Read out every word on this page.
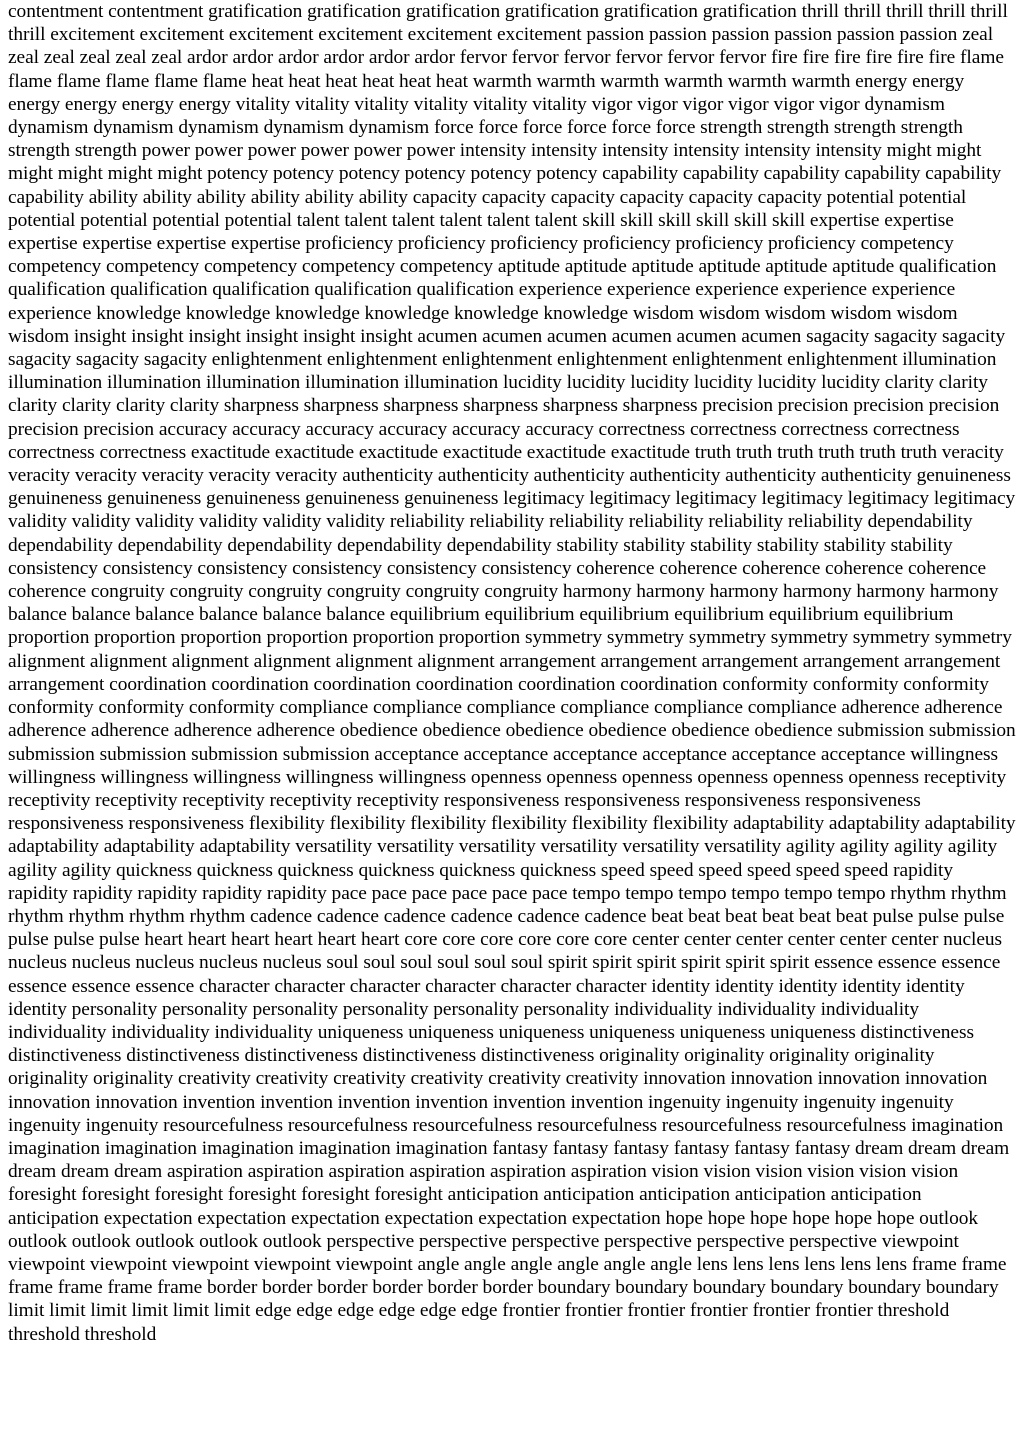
contentment contentment gratification gratification gratification gratification gratification gratification thrill thrill thrill thrill thrill thrill excitement excitement excitement excitement excitement excitement passion passion passion passion passion passion zeal zeal zeal zeal zeal zeal ardor ardor ardor ardor ardor ardor fervor fervor fervor fervor fervor fervor fire fire fire fire fire fire flame flame flame flame flame flame heat heat heat heat heat heat warmth warmth warmth warmth warmth warmth energy energy energy energy energy energy vitality vitality vitality vitality vitality vitality vigor vigor vigor vigor vigor vigor dynamism dynamism dynamism dynamism dynamism dynamism force force force force force force strength strength strength strength strength strength power power power power power power intensity intensity intensity intensity intensity intensity might might might might might might potency potency potency potency potency potency capability capability capability capability capability capability ability ability ability ability ability ability capacity capacity capacity capacity capacity capacity potential potential potential potential potential potential talent talent talent talent talent talent skill skill skill skill skill skill expertise expertise expertise expertise expertise expertise proficiency proficiency proficiency proficiency proficiency proficiency competency competency competency competency competency competency aptitude aptitude aptitude aptitude aptitude aptitude qualification qualification qualification qualification qualification qualification experience experience experience experience experience experience knowledge knowledge knowledge knowledge knowledge knowledge wisdom wisdom wisdom wisdom wisdom wisdom insight insight insight insight insight insight acumen acumen acumen acumen acumen acumen sagacity sagacity sagacity sagacity sagacity sagacity enlightenment enlightenment enlightenment enlightenment enlightenment enlightenment illumination illumination illumination illumination illumination illumination lucidity lucidity lucidity lucidity lucidity lucidity clarity clarity clarity clarity clarity clarity sharpness sharpness sharpness sharpness sharpness sharpness precision precision precision precision precision precision accuracy accuracy accuracy accuracy accuracy accuracy correctness correctness correctness correctness correctness correctness exactitude exactitude exactitude exactitude exactitude exactitude truth truth truth truth truth truth veracity veracity veracity veracity veracity veracity authenticity authenticity authenticity authenticity authenticity authenticity genuineness genuineness genuineness genuineness genuineness genuineness legitimacy legitimacy legitimacy legitimacy legitimacy legitimacy validity validity validity validity validity validity reliability reliability reliability reliability reliability reliability dependability dependability dependability dependability dependability dependability stability stability stability stability stability stability consistency consistency consistency consistency consistency consistency coherence coherence coherence coherence coherence coherence congruity congruity congruity congruity congruity congruity harmony harmony harmony harmony harmony harmony balance balance balance balance balance balance equilibrium equilibrium equilibrium equilibrium equilibrium equilibrium proportion proportion proportion proportion proportion proportion symmetry symmetry symmetry symmetry symmetry symmetry alignment alignment alignment alignment alignment alignment arrangement arrangement arrangement arrangement arrangement arrangement coordination coordination coordination coordination coordination coordination conformity conformity conformity conformity conformity conformity compliance compliance compliance compliance compliance compliance adherence adherence adherence adherence adherence adherence obedience obedience obedience obedience obedience obedience submission submission submission submission submission submission acceptance acceptance acceptance acceptance acceptance acceptance willingness willingness willingness willingness willingness willingness openness openness openness openness openness openness receptivity receptivity receptivity receptivity receptivity receptivity responsiveness responsiveness responsiveness responsiveness responsiveness responsiveness flexibility flexibility flexibility flexibility flexibility flexibility adaptability adaptability adaptability adaptability adaptability adaptability versatility versatility versatility versatility versatility versatility agility agility agility agility agility agility quickness quickness quickness quickness quickness quickness speed speed speed speed speed speed rapidity rapidity rapidity rapidity rapidity rapidity pace pace pace pace pace pace tempo tempo tempo tempo tempo tempo rhythm rhythm rhythm rhythm rhythm rhythm cadence cadence cadence cadence cadence cadence beat beat beat beat beat beat pulse pulse pulse pulse pulse pulse heart heart heart heart heart heart core core core core core core center center center center center center nucleus nucleus nucleus nucleus nucleus nucleus soul soul soul soul soul soul spirit spirit spirit spirit spirit spirit essence essence essence essence essence essence character character character character character character identity identity identity identity identity identity personality personality personality personality personality personality individuality individuality individuality individuality individuality individuality uniqueness uniqueness uniqueness uniqueness uniqueness uniqueness distinctiveness distinctiveness distinctiveness distinctiveness distinctiveness distinctiveness originality originality originality originality originality originality creativity creativity creativity creativity creativity creativity innovation innovation innovation innovation innovation innovation invention invention invention invention invention invention ingenuity ingenuity ingenuity ingenuity ingenuity ingenuity resourcefulness resourcefulness resourcefulness resourcefulness resourcefulness resourcefulness imagination imagination imagination imagination imagination imagination fantasy fantasy fantasy fantasy fantasy fantasy dream dream dream dream dream dream aspiration aspiration aspiration aspiration aspiration aspiration vision vision vision vision vision vision foresight foresight foresight foresight foresight foresight anticipation anticipation anticipation anticipation anticipation anticipation expectation expectation expectation expectation expectation expectation hope hope hope hope hope hope outlook outlook outlook outlook outlook outlook perspective perspective perspective perspective perspective perspective viewpoint viewpoint viewpoint viewpoint viewpoint viewpoint angle angle angle angle angle angle lens lens lens lens lens lens frame frame frame frame frame frame border border border border border border boundary boundary boundary boundary boundary boundary limit limit limit limit limit limit edge edge edge edge edge edge frontier frontier frontier frontier frontier frontier threshold threshold threshold
